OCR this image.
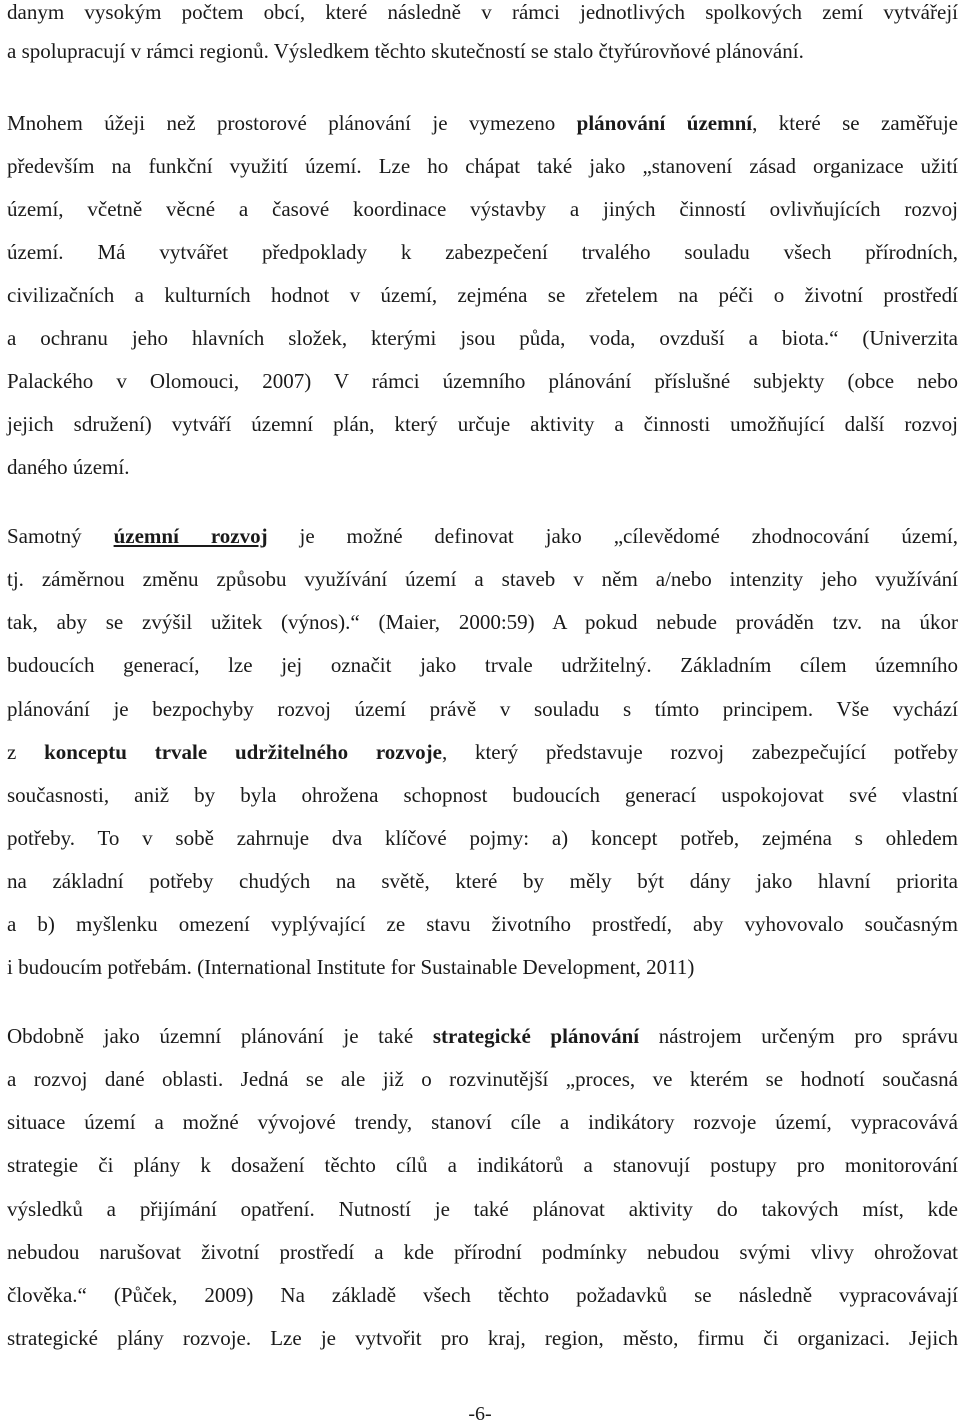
danym vysokým počtem obcí, které následně v rámci jednotlivých spolkových zemí vytvářejí
a spolupracují v rámci regionů. Výsledkem těchto skutečností se stalo čtyřúrovňové plánování.
Mnohem úžeji než prostorové plánování je vymezeno plánování územní, které se zaměřuje
především na funkční využití území. Lze ho chápat také jako „stanovení zásad organizace užití
území, včetně věcné a časové koordinace výstavby a jiných činností ovlivňujících rozvoj
území. Má vytvářet předpoklady k zabezpečení trvalého souladu všech přírodních,
civilizačních a kulturních hodnot v území, zejména se zřetelem na péči o životní prostředí
a ochranu jeho hlavních složek, kterými jsou půda, voda, ovzduší a biota.“ (Univerzita
Palackého v Olomouci, 2007) V rámci územního plánování příslušné subjekty (obce nebo
jejich sdružení) vytváří územní plán, který určuje aktivity a činnosti umožňující další rozvoj
daného území.
Samotný územní rozvoj je možné definovat jako „cílevědomé zhodnocování území,
tj. záměrnou změnu způsobu využívání území a staveb v něm a/nebo intenzity jeho využívání
tak, aby se zvýšil užitek (výnos).“ (Maier, 2000:59) A pokud nebude prováděn tzv. na úkor
budoucích generací, lze jej označit jako trvale udržitelný. Základním cílem územního
plánování je bezpochyby rozvoj území právě v souladu s tímto principem. Vše vychází
z konceptu trvale udržitelného rozvoje, který představuje rozvoj zabezpečující potřeby
současnosti, aniž by byla ohrožena schopnost budoucích generací uspokojovat své vlastní
potřeby. To v sobě zahrnuje dva klíčové pojmy: a) koncept potřeb, zejména s ohledem
na základní potřeby chudých na světě, které by měly být dány jako hlavní priorita
a b) myšlenku omezení vyplývající ze stavu životního prostředí, aby vyhovovalo současným
i budoucím potřebám. (International Institute for Sustainable Development, 2011)
Obdobně jako územní plánování je také strategické plánování nástrojem určeným pro správu
a rozvoj dané oblasti. Jedná se ale již o rozvinutější „proces, ve kterém se hodnotí současná
situace území a možné vývojové trendy, stanoví cíle a indikátory rozvoje území, vypracovává
strategie či plány k dosažení těchto cílů a indikátorů a stanovují postupy pro monitorování
výsledků a přijímání opatření. Nutností je také plánovat aktivity do takových míst, kde
nebudou narušovat životní prostředí a kde přírodní podmínky nebudou svými vlivy ohrožovat
člověka.“ (Půček, 2009) Na základě všech těchto požadavků se následně vypracovávají
strategické plány rozvoje. Lze je vytvořit pro kraj, region, město, firmu či organizaci. Jejich
-6-
